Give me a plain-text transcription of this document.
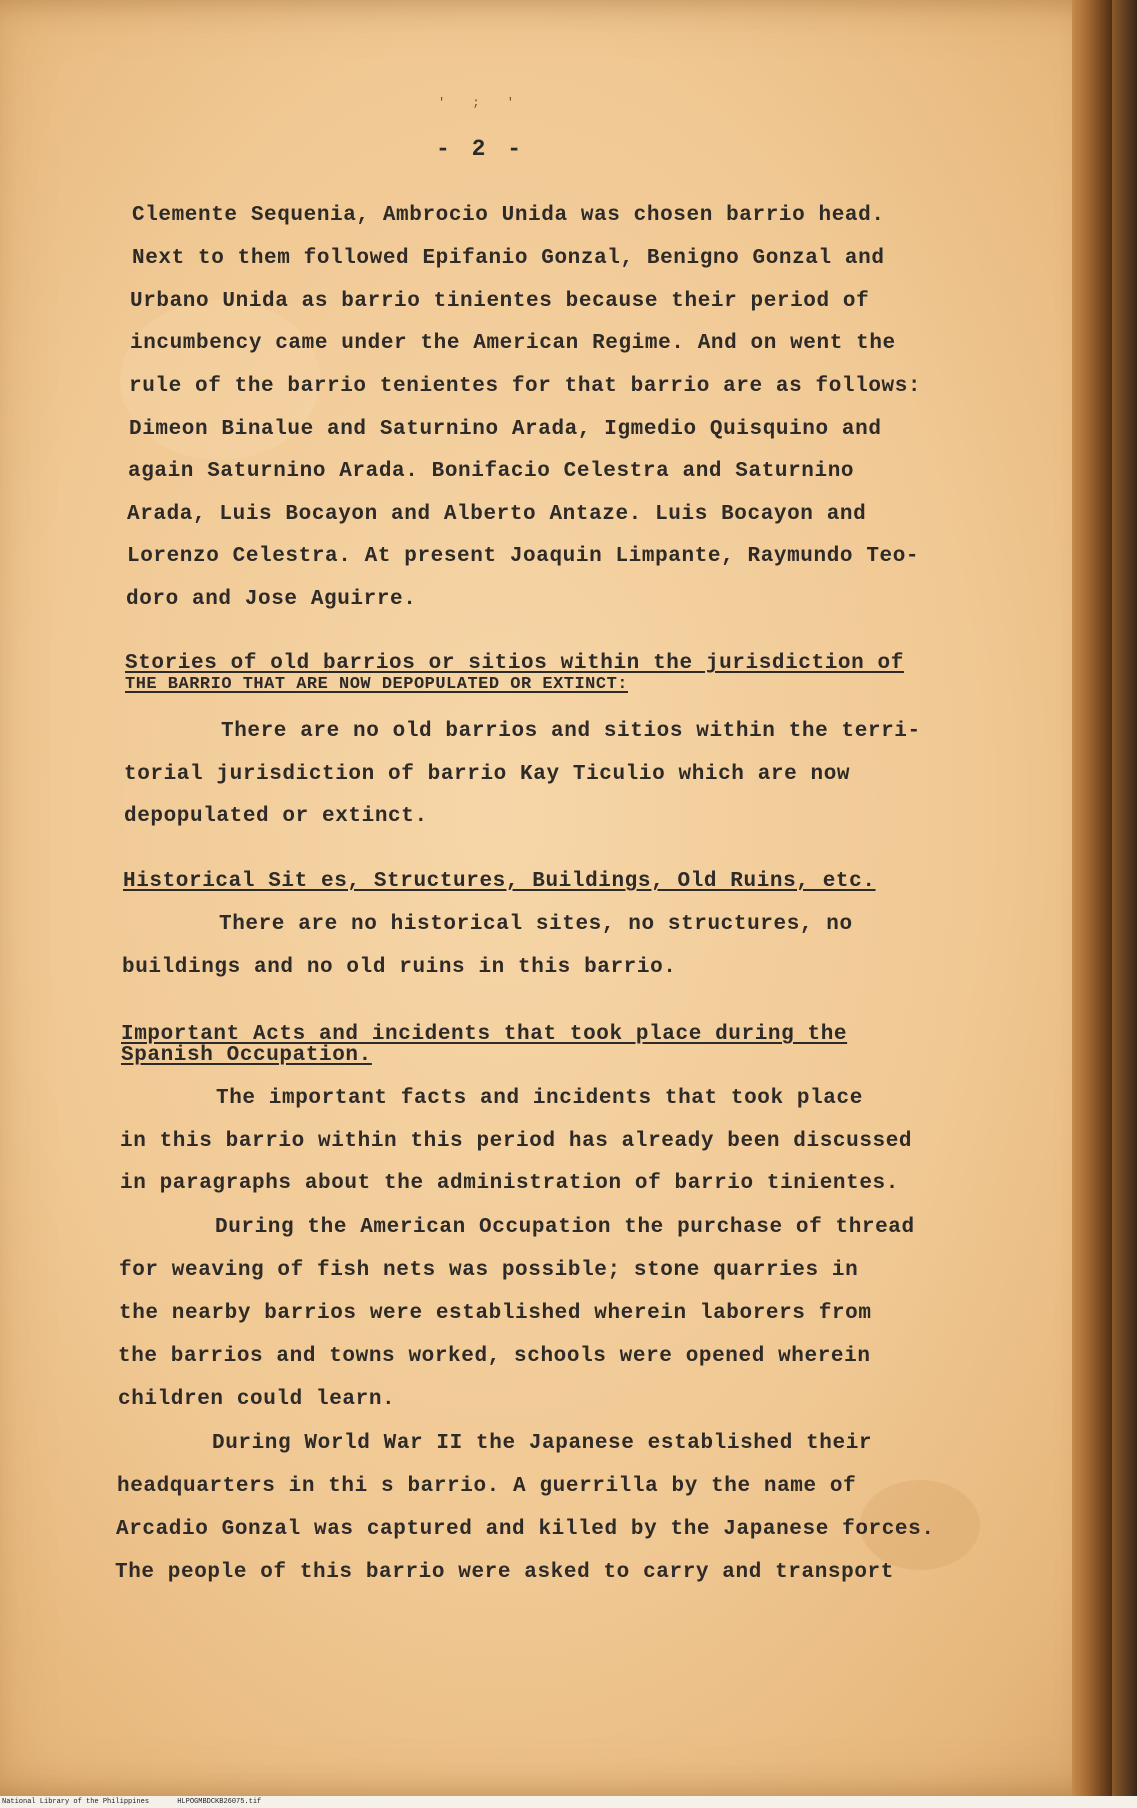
' ; '
- 2 -
Clemente Sequenia, Ambrocio Unida was chosen barrio head.
Next to them followed Epifanio Gonzal, Benigno Gonzal and
Urbano Unida as barrio tinientes because their period of
incumbency came under the American Regime. And on went the
rule of the barrio tenientes for that barrio are as follows:
Dimeon Binalue and Saturnino Arada, Igmedio Quisquino and
again Saturnino Arada. Bonifacio Celestra and Saturnino
Arada, Luis Bocayon and Alberto Antaze. Luis Bocayon and
Lorenzo Celestra. At present Joaquin Limpante, Raymundo Teo-
doro and Jose Aguirre.
Stories of old barrios or sitios within the jurisdiction of
THE BARRIO THAT ARE NOW DEPOPULATED OR EXTINCT:
There are no old barrios and sitios within the terri-
torial jurisdiction of barrio Kay Ticulio which are now
depopulated or extinct.
Historical Sit es, Structures, Buildings, Old Ruins, etc.
There are no historical sites, no structures, no
buildings and no old ruins in this barrio.
Important Acts and incidents that took place during the
Spanish Occupation.
The important facts and incidents that took place
in this barrio within this period has already been discussed
in paragraphs about the administration of barrio tinientes.
During the American Occupation the purchase of thread
for weaving of fish nets was possible; stone quarries in
the nearby barrios were established wherein laborers from
the barrios and towns worked, schools were opened wherein
children could learn.
During World War II the Japanese established their
headquarters in thi s barrio. A guerrilla by the name of
Arcadio Gonzal was captured and killed by the Japanese forces.
The people of this barrio were asked to carry and transport
National Library of the Philippines	HLPOGMBDCKB26075.tif
